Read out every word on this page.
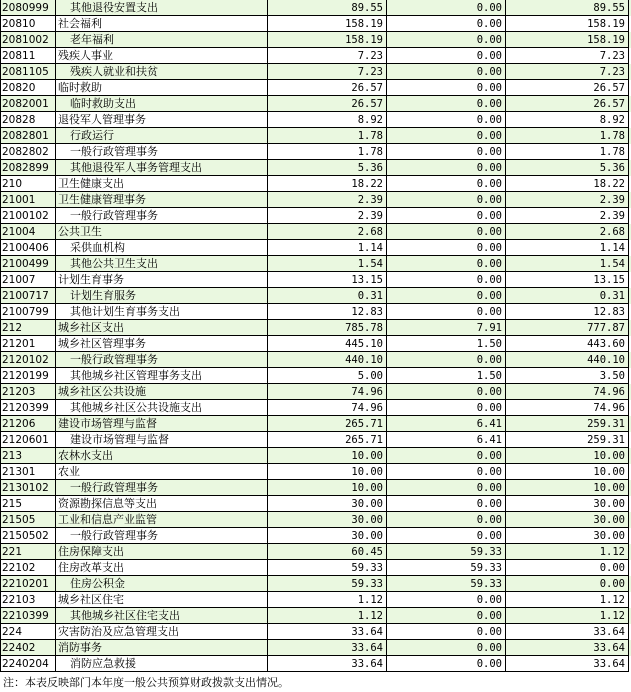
2080999	其他退役安置支出	89.55	0.00	89.55
20810	社会福利	158.19	0.00	158.19
2081002	老年福利	158.19	0.00	158.19
20811	残疾人事业	7.23	0.00	7.23
2081105	残疾人就业和扶贫	7.23	0.00	7.23
20820	临时救助	26.57	0.00	26.57
2082001	临时救助支出	26.57	0.00	26.57
20828	退役军人管理事务	8.92	0.00	8.92
2082801	行政运行	1.78	0.00	1.78
2082802	一般行政管理事务	1.78	0.00	1.78
2082899	其他退役军人事务管理支出	5.36	0.00	5.36
210	卫生健康支出	18.22	0.00	18.22
21001	卫生健康管理事务	2.39	0.00	2.39
2100102	一般行政管理事务	2.39	0.00	2.39
21004	公共卫生	2.68	0.00	2.68
2100406	采供血机构	1.14	0.00	1.14
2100499	其他公共卫生支出	1.54	0.00	1.54
21007	计划生育事务	13.15	0.00	13.15
2100717	计划生育服务	0.31	0.00	0.31
2100799	其他计划生育事务支出	12.83	0.00	12.83
212	城乡社区支出	785.78	7.91	777.87
21201	城乡社区管理事务	445.10	1.50	443.60
2120102	一般行政管理事务	440.10	0.00	440.10
2120199	其他城乡社区管理事务支出	5.00	1.50	3.50
21203	城乡社区公共设施	74.96	0.00	74.96
2120399	其他城乡社区公共设施支出	74.96	0.00	74.96
21206	建设市场管理与监督	265.71	6.41	259.31
2120601	建设市场管理与监督	265.71	6.41	259.31
213	农林水支出	10.00	0.00	10.00
21301	农业	10.00	0.00	10.00
2130102	一般行政管理事务	10.00	0.00	10.00
215	资源勘探信息等支出	30.00	0.00	30.00
21505	工业和信息产业监管	30.00	0.00	30.00
2150502	一般行政管理事务	30.00	0.00	30.00
221	住房保障支出	60.45	59.33	1.12
22102	住房改革支出	59.33	59.33	0.00
2210201	住房公积金	59.33	59.33	0.00
22103	城乡社区住宅	1.12	0.00	1.12
2210399	其他城乡社区住宅支出	1.12	0.00	1.12
224	灾害防治及应急管理支出	33.64	0.00	33.64
22402	消防事务	33.64	0.00	33.64
2240204	消防应急救援	33.64	0.00	33.64
注：本表反映部门本年度一般公共预算财政拨款支出情况。
